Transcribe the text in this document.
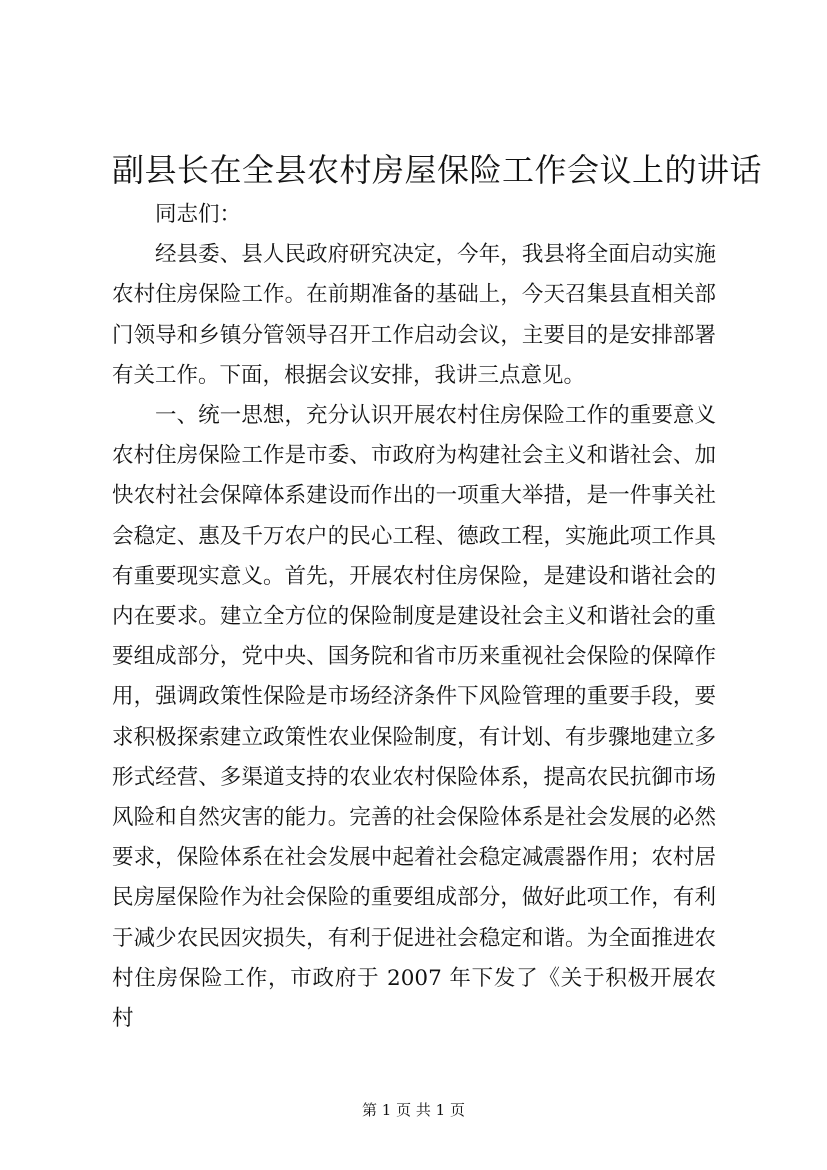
副县长在全县农村房屋保险工作会议上的讲话

同志们：

经县委、县人民政府研究决定，今年，我县将全面启动实施农村住房保险工作。在前期准备的基础上，今天召集县直相关部门领导和乡镇分管领导召开工作启动会议，主要目的是安排部署有关工作。下面，根据会议安排，我讲三点意见。

一、统一思想，充分认识开展农村住房保险工作的重要意义农村住房保险工作是市委、市政府为构建社会主义和谐社会、加快农村社会保障体系建设而作出的一项重大举措，是一件事关社会稳定、惠及千万农户的民心工程、德政工程，实施此项工作具有重要现实意义。首先，开展农村住房保险，是建设和谐社会的内在要求。建立全方位的保险制度是建设社会主义和谐社会的重要组成部分，党中央、国务院和省市历来重视社会保险的保障作用，强调政策性保险是市场经济条件下风险管理的重要手段，要求积极探索建立政策性农业保险制度，有计划、有步骤地建立多形式经营、多渠道支持的农业农村保险体系，提高农民抗御市场风险和自然灾害的能力。完善的社会保险体系是社会发展的必然要求，保险体系在社会发展中起着社会稳定减震器作用；农村居民房屋保险作为社会保险的重要组成部分，做好此项工作，有利于减少农民因灾损失，有利于促进社会稳定和谐。为全面推进农村住房保险工作，市政府于 2007 年下发了《关于积极开展农村

第 1 页 共 1 页
